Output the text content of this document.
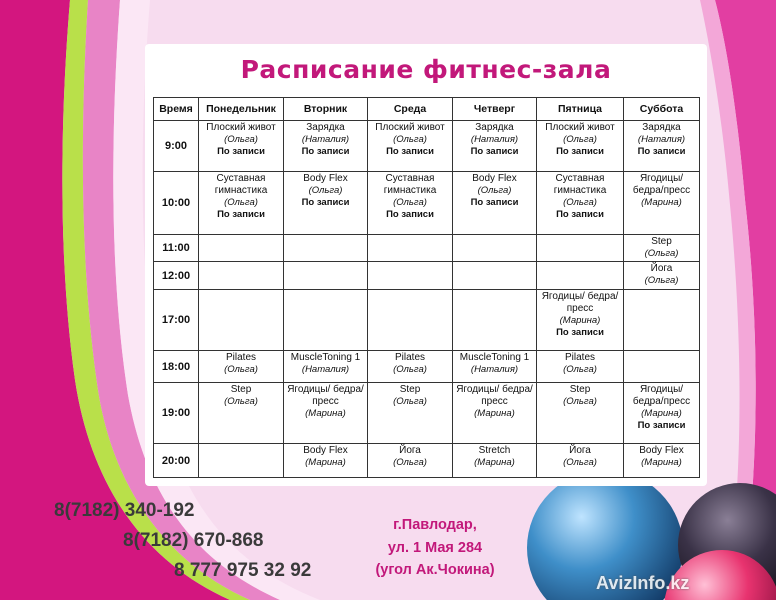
Расписание фитнес-зала
Время	Понедельник	Вторник	Среда	Четверг	Пятница	Суббота
9:00	Плоский живот
(Ольга)
По записи	Зарядка
(Наталия)
По записи	Плоский живот
(Ольга)
По записи	Зарядка
(Наталия)
По записи	Плоский живот
(Ольга)
По записи	Зарядка
(Наталия)
По записи

10:00	Суставная гимнастика
(Ольга)
По записи	Body Flex
(Ольга)
По записи	Суставная гимнастика
(Ольга)
По записи	Body Flex
(Ольга)
По записи	Суставная гимнастика
(Ольга)
По записи	Ягодицы/ бедра/пресс
(Марина)

11:00						Step
(Ольга)

12:00						Йога
(Ольга)

17:00					Ягодицы/ бедра/пресс
(Марина)
По записи	

18:00	Pilates
(Ольга)	MuscleToning 1
(Наталия)	Pilates
(Ольга)	MuscleToning 1
(Наталия)	Pilates
(Ольга)	

19:00	Step
(Ольга)	Ягодицы/ бедра/пресс
(Марина)	Step
(Ольга)	Ягодицы/ бедра/пресс
(Марина)	Step
(Ольга)	Ягодицы/ бедра/пресс
(Марина)
По записи

20:00		Body Flex
(Марина)	Йога
(Ольга)	Stretch
(Марина)	Йога
(Ольга)	Body Flex
(Марина)
8(7182) 340-192
8(7182) 670-868
8 777 975 32 92
г.Павлодар,
ул. 1 Мая 284
(угол Ак.Чокина)
AvizInfo.kz
